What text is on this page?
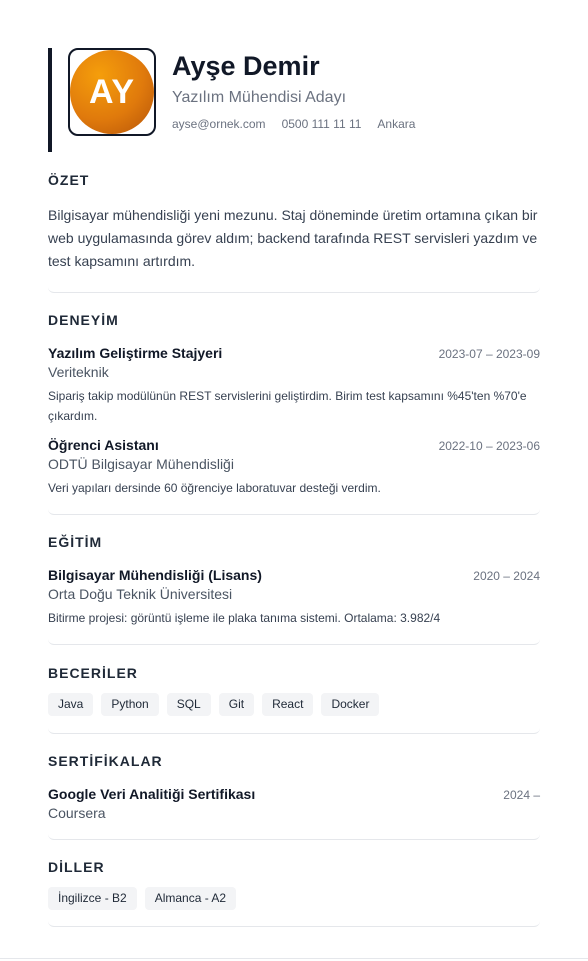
AY
Ayşe Demir
Yazılım Mühendisi Adayı
ayse@ornek.com 0500 111 11 11 Ankara
ÖZET
Bilgisayar mühendisliği yeni mezunu. Staj döneminde üretim ortamına çıkan bir web uygulamasında görev aldım; backend tarafında REST servisleri yazdım ve test kapsamını artırdım.
DENEYİM
Yazılım Geliştirme Stajyeri	2023-07 – 2023-09
Veriteknik
Sipariş takip modülünün REST servislerini geliştirdim. Birim test kapsamını %45'ten %70'e çıkardım.
Öğrenci Asistanı	2022-10 – 2023-06
ODTÜ Bilgisayar Mühendisliği
Veri yapıları dersinde 60 öğrenciye laboratuvar desteği verdim.
EĞİTİM
Bilgisayar Mühendisliği (Lisans)	2020 – 2024
Orta Doğu Teknik Üniversitesi
Bitirme projesi: görüntü işleme ile plaka tanıma sistemi. Ortalama: 3.982/4
BECERİLER
Java	Python	SQL	Git	React	Docker
SERTİFİKALAR
Google Veri Analitiği Sertifikası	2024 –
Coursera
DİLLER
İngilizce - B2	Almanca - A2
